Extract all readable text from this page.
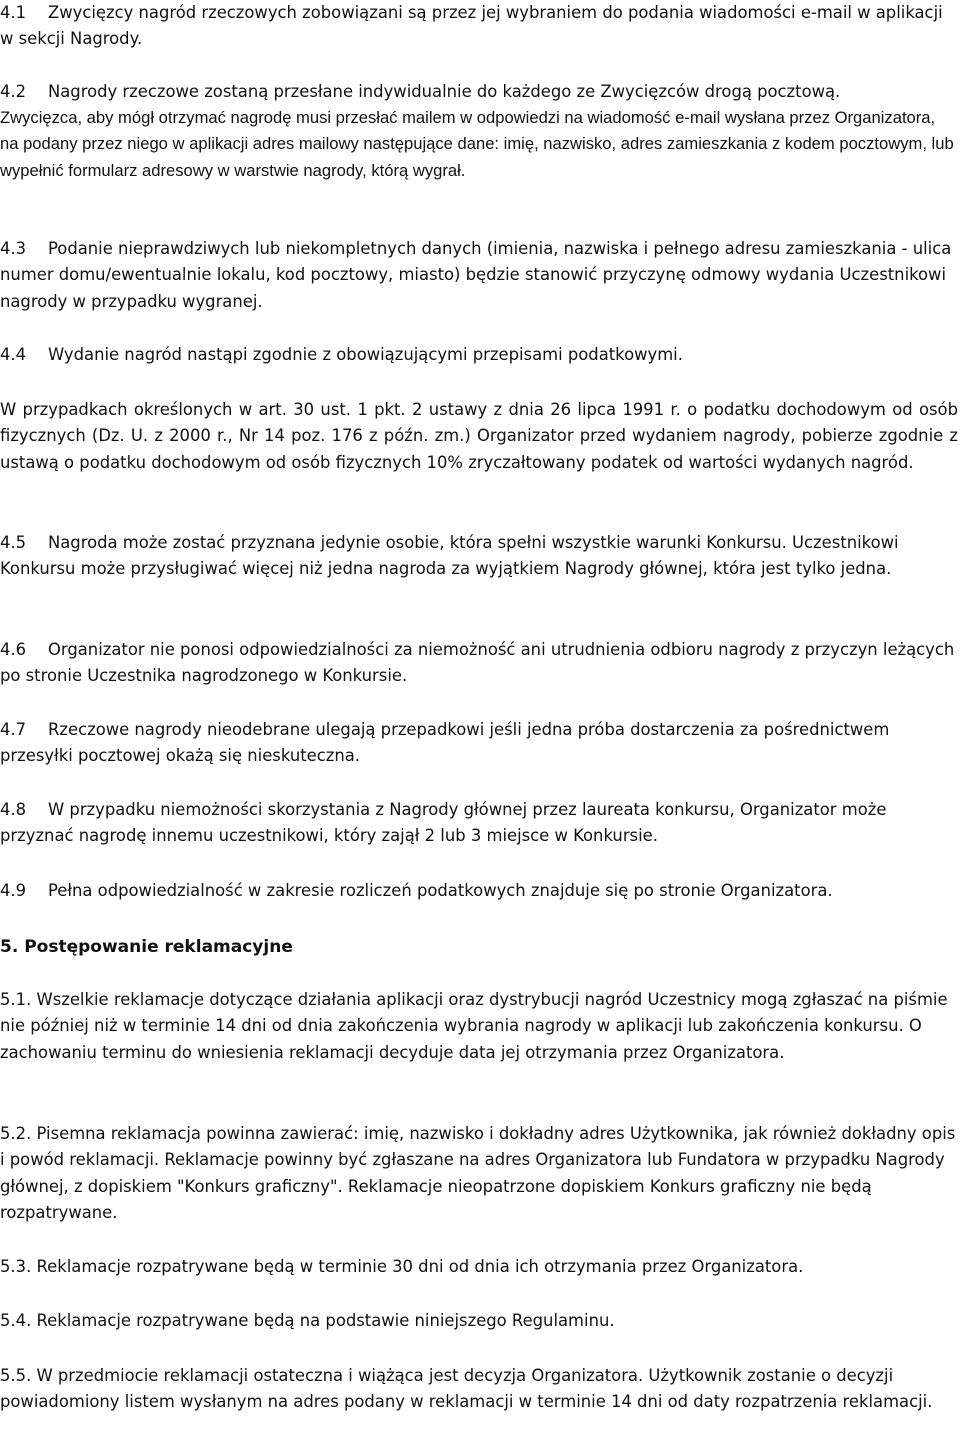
4.1 Zwycięzcy nagród rzeczowych zobowiązani są przez jej wybraniem do podania wiadomości e-mail w aplikacji w sekcji Nagrody.

4.2 Nagrody rzeczowe zostaną przesłane indywidualnie do każdego ze Zwycięzców drogą pocztową.

Zwycięzca, aby mógł otrzymać nagrodę musi przesłać mailem w odpowiedzi na wiadomość e-mail wysłana przez Organizatora, na podany przez niego w aplikacji adres mailowy następujące dane: imię, nazwisko, adres zamieszkania z kodem pocztowym, lub wypełnić formularz adresowy w warstwie nagrody, którą wygrał.

4.3 Podanie nieprawdziwych lub niekompletnych danych (imienia, nazwiska i pełnego adresu zamieszkania - ulica numer domu/ewentualnie lokalu, kod pocztowy, miasto) będzie stanowić przyczynę odmowy wydania Uczestnikowi nagrody w przypadku wygranej.

4.4 Wydanie nagród nastąpi zgodnie z obowiązującymi przepisami podatkowymi.

W przypadkach określonych w art. 30 ust. 1 pkt. 2 ustawy z dnia 26 lipca 1991 r. o podatku dochodowym od osób fizycznych (Dz. U. z 2000 r., Nr 14 poz. 176 z późn. zm.) Organizator przed wydaniem nagrody, pobierze zgodnie z ustawą o podatku dochodowym od osób fizycznych 10% zryczałtowany podatek od wartości wydanych nagród.

4.5 Nagroda może zostać przyznana jedynie osobie, która spełni wszystkie warunki Konkursu. Uczestnikowi Konkursu może przysługiwać więcej niż jedna nagroda za wyjątkiem Nagrody głównej, która jest tylko jedna.

4.6 Organizator nie ponosi odpowiedzialności za niemożność ani utrudnienia odbioru nagrody z przyczyn leżących po stronie Uczestnika nagrodzonego w Konkursie.

4.7 Rzeczowe nagrody nieodebrane ulegają przepadkowi jeśli jedna próba dostarczenia za pośrednictwem przesyłki pocztowej okażą się nieskuteczna.

4.8 W przypadku niemożności skorzystania z Nagrody głównej przez laureata konkursu, Organizator może przyznać nagrodę innemu uczestnikowi, który zajął 2 lub 3 miejsce w Konkursie.

4.9 Pełna odpowiedzialność w zakresie rozliczeń podatkowych znajduje się po stronie Organizatora.

5. Postępowanie reklamacyjne

5.1. Wszelkie reklamacje dotyczące działania aplikacji oraz dystrybucji nagród Uczestnicy mogą zgłaszać na piśmie nie później niż w terminie 14 dni od dnia zakończenia wybrania nagrody w aplikacji lub zakończenia konkursu. O zachowaniu terminu do wniesienia reklamacji decyduje data jej otrzymania przez Organizatora.

5.2. Pisemna reklamacja powinna zawierać: imię, nazwisko i dokładny adres Użytkownika, jak również dokładny opis i powód reklamacji. Reklamacje powinny być zgłaszane na adres Organizatora lub Fundatora w przypadku Nagrody głównej, z dopiskiem "Konkurs graficzny". Reklamacje nieopatrzone dopiskiem Konkurs graficzny nie będą rozpatrywane.

5.3. Reklamacje rozpatrywane będą w terminie 30 dni od dnia ich otrzymania przez Organizatora.

5.4. Reklamacje rozpatrywane będą na podstawie niniejszego Regulaminu.

5.5. W przedmiocie reklamacji ostateczna i wiążąca jest decyzja Organizatora. Użytkownik zostanie o decyzji powiadomiony listem wysłanym na adres podany w reklamacji w terminie 14 dni od daty rozpatrzenia reklamacji.
